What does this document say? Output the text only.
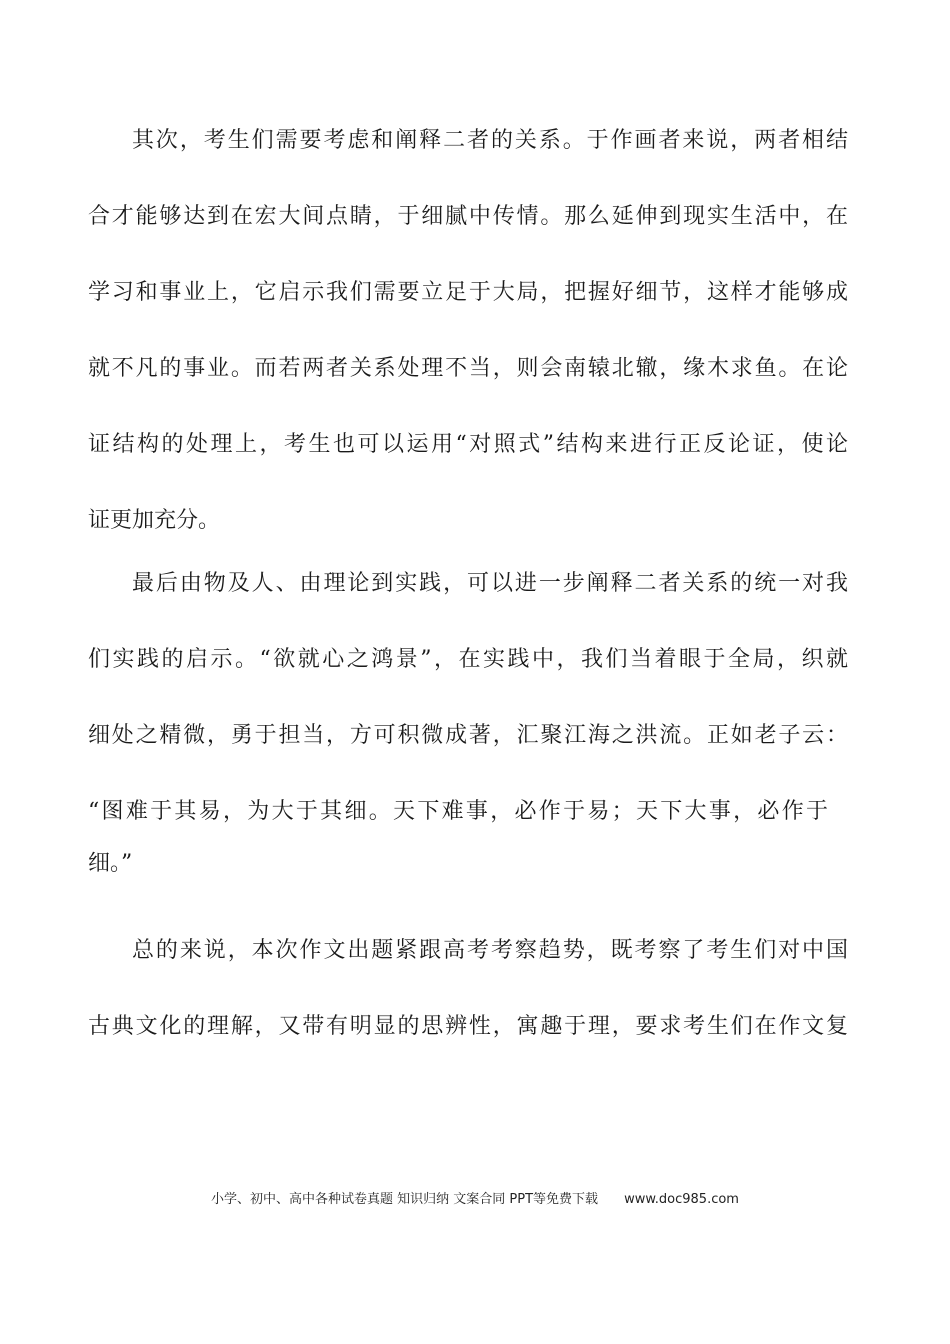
其次，考生们需要考虑和阐释二者的关系。于作画者来说，两者相结
合才能够达到在宏大间点睛，于细腻中传情。那么延伸到现实生活中，在
学习和事业上，它启示我们需要立足于大局，把握好细节，这样才能够成
就不凡的事业。而若两者关系处理不当，则会南辕北辙，缘木求鱼。在论
证结构的处理上，考生也可以运用“对照式”结构来进行正反论证，使论
证更加充分。
最后由物及人、由理论到实践，可以进一步阐释二者关系的统一对我
们实践的启示。“欲就心之鸿景”，在实践中，我们当着眼于全局，织就
细处之精微，勇于担当，方可积微成著，汇聚江海之洪流。正如老子云：
“图难于其易，为大于其细。天下难事，必作于易；天下大事，必作于
细。”
总的来说，本次作文出题紧跟高考考察趋势，既考察了考生们对中国
古典文化的理解，又带有明显的思辨性，寓趣于理，要求考生们在作文复
小学、初中、高中各种试卷真题 知识归纳 文案合同 PPT等免费下载 www.doc985.com
